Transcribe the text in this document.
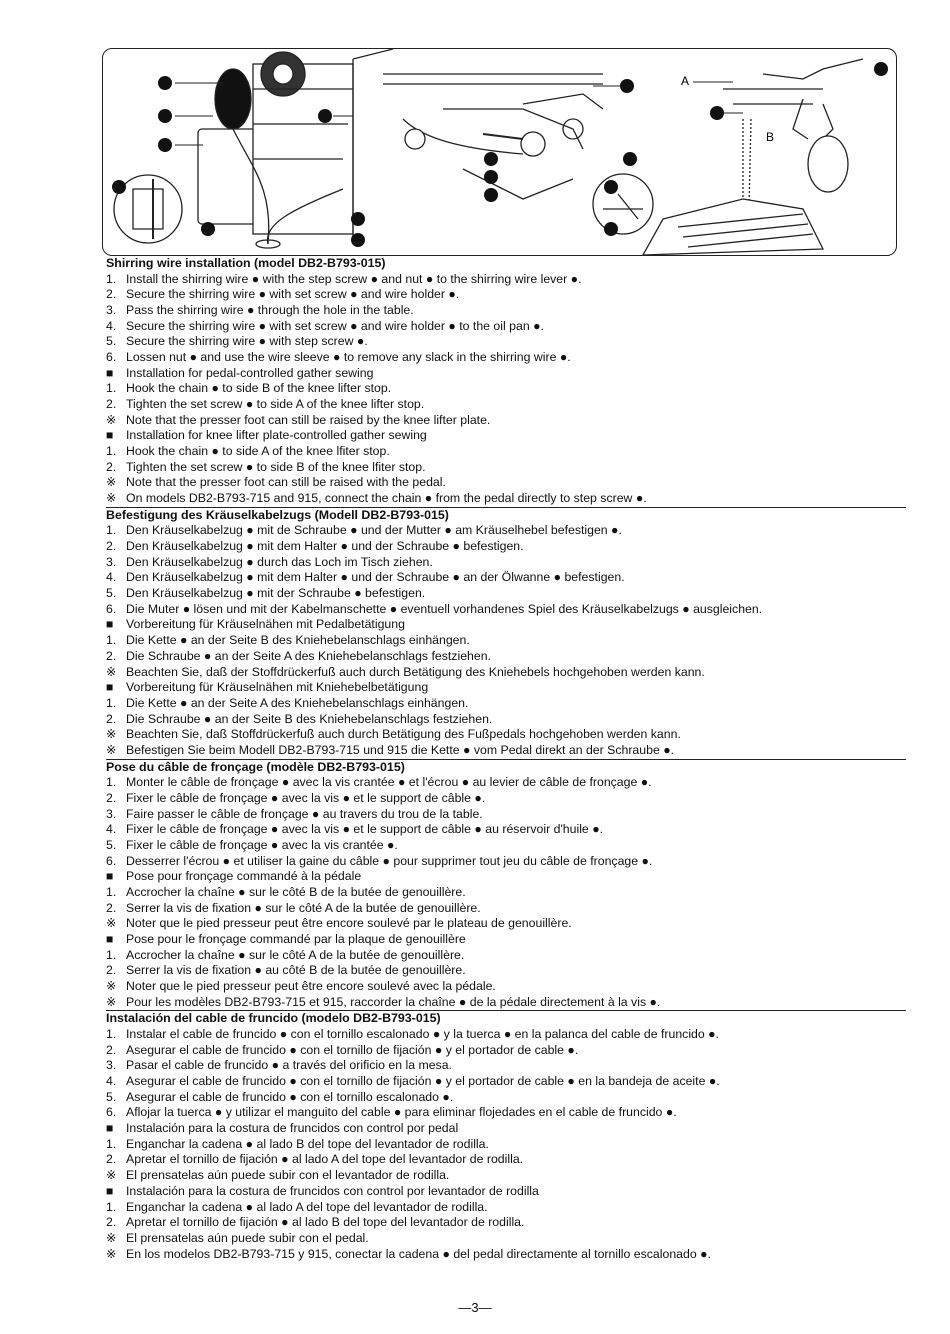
A
B
Shirring wire installation (model DB2-B793-015)
1. Install the shirring wire ● with the step screw ● and nut ● to the shirring wire lever ●.
2. Secure the shirring wire ● with set screw ● and wire holder ●.
3. Pass the shirring wire ● through the hole in the table.
4. Secure the shirring wire ● with set screw ● and wire holder ● to the oil pan ●.
5. Secure the shirring wire ● with step screw ●.
6. Lossen nut ● and use the wire sleeve ● to remove any slack in the shirring wire ●.
■ Installation for pedal-controlled gather sewing
1. Hook the chain ● to side B of the knee lifter stop.
2. Tighten the set screw ● to side A of the knee lifter stop.
※ Note that the presser foot can still be raised by the knee lifter plate.
■ Installation for knee lifter plate-controlled gather sewing
1. Hook the chain ● to side A of the knee lfiter stop.
2. Tighten the set screw ● to side B of the knee lfiter stop.
※ Note that the presser foot can still be raised with the pedal.
※ On models DB2-B793-715 and 915, connect the chain ● from the pedal directly to step screw ●.
Befestigung des Kräuselkabelzugs (Modell DB2-B793-015)
1. Den Kräuselkabelzug ● mit de Schraube ● und der Mutter ● am Kräuselhebel befestigen ●.
2. Den Kräuselkabelzug ● mit dem Halter ● und der Schraube ● befestigen.
3. Den Kräuselkabelzug ● durch das Loch im Tisch ziehen.
4. Den Kräuselkabelzug ● mit dem Halter ● und der Schraube ● an der Ölwanne ● befestigen.
5. Den Kräuselkabelzug ● mit der Schraube ● befestigen.
6. Die Muter ● lösen und mit der Kabelmanschette ● eventuell vorhandenes Spiel des Kräuselkabelzugs ● ausgleichen.
■ Vorbereitung für Kräuselnähen mit Pedalbetätigung
1. Die Kette ● an der Seite B des Kniehebelanschlags einhängen.
2. Die Schraube ● an der Seite A des Kniehebelanschlags festziehen.
※ Beachten Sie, daß der Stoffdrückerfuß auch durch Betätigung des Kniehebels hochgehoben werden kann.
■ Vorbereitung für Kräuselnähen mit Kniehebelbetätigung
1. Die Kette ● an der Seite A des Kniehebelanschlags einhängen.
2. Die Schraube ● an der Seite B des Kniehebelanschlags festziehen.
※ Beachten Sie, daß Stoffdrückerfuß auch durch Betätigung des Fußpedals hochgehoben werden kann.
※ Befestigen Sie beim Modell DB2-B793-715 und 915 die Kette ● vom Pedal direkt an der Schraube ●.
Pose du câble de fronçage (modèle DB2-B793-015)
1. Monter le câble de fronçage ● avec la vis crantée ● et l'écrou ● au levier de câble de fronçage ●.
2. Fixer le câble de fronçage ● avec la vis ● et le support de câble ●.
3. Faire passer le câble de fronçage ● au travers du trou de la table.
4. Fixer le câble de fronçage ● avec la vis ● et le support de câble ● au réservoir d'huile ●.
5. Fixer le câble de fronçage ● avec la vis crantée ●.
6. Desserrer l'écrou ● et utiliser la gaine du câble ● pour supprimer tout jeu du câble de fronçage ●.
■ Pose pour fronçage commandé à la pédale
1. Accrocher la chaîne ● sur le côté B de la butée de genouillère.
2. Serrer la vis de fixation ● sur le côté A de la butée de genouillère.
※ Noter que le pied presseur peut être encore soulevé par le plateau de genouillère.
■ Pose pour le fronçage commandé par la plaque de genouillère
1. Accrocher la chaîne ● sur le côté A de la butée de genouillère.
2. Serrer la vis de fixation ● au côté B de la butée de genouillère.
※ Noter que le pied presseur peut être encore soulevé avec la pédale.
※ Pour les modèles DB2-B793-715 et 915, raccorder la chaîne ● de la pédale directement à la vis ●.
Instalación del cable de fruncido (modelo DB2-B793-015)
1. Instalar el cable de fruncido ● con el tornillo escalonado ● y la tuerca ● en la palanca del cable de fruncido ●.
2. Asegurar el cable de fruncido ● con el tornillo de fijación ● y el portador de cable ●.
3. Pasar el cable de fruncido ● a través del orificio en la mesa.
4. Asegurar el cable de fruncido ● con el tornillo de fijación ● y el portador de cable ● en la bandeja de aceite ●.
5. Asegurar el cable de fruncido ● con el tornillo escalonado ●.
6. Aflojar la tuerca ● y utilizar el manguito del cable ● para eliminar flojedades en el cable de fruncido ●.
■ Instalación para la costura de fruncidos con control por pedal
1. Enganchar la cadena ● al lado B del tope del levantador de rodilla.
2. Apretar el tornillo de fijación ● al lado A del tope del levantador de rodilla.
※ El prensatelas aún puede subir con el levantador de rodilla.
■ Instalación para la costura de fruncidos con control por levantador de rodilla
1. Enganchar la cadena ● al lado A del tope del levantador de rodilla.
2. Apretar el tornillo de fijación ● al lado B del tope del levantador de rodilla.
※ El prensatelas aún puede subir con el pedal.
※ En los modelos DB2-B793-715 y 915, conectar la cadena ● del pedal directamente al tornillo escalonado ●.
—3—
